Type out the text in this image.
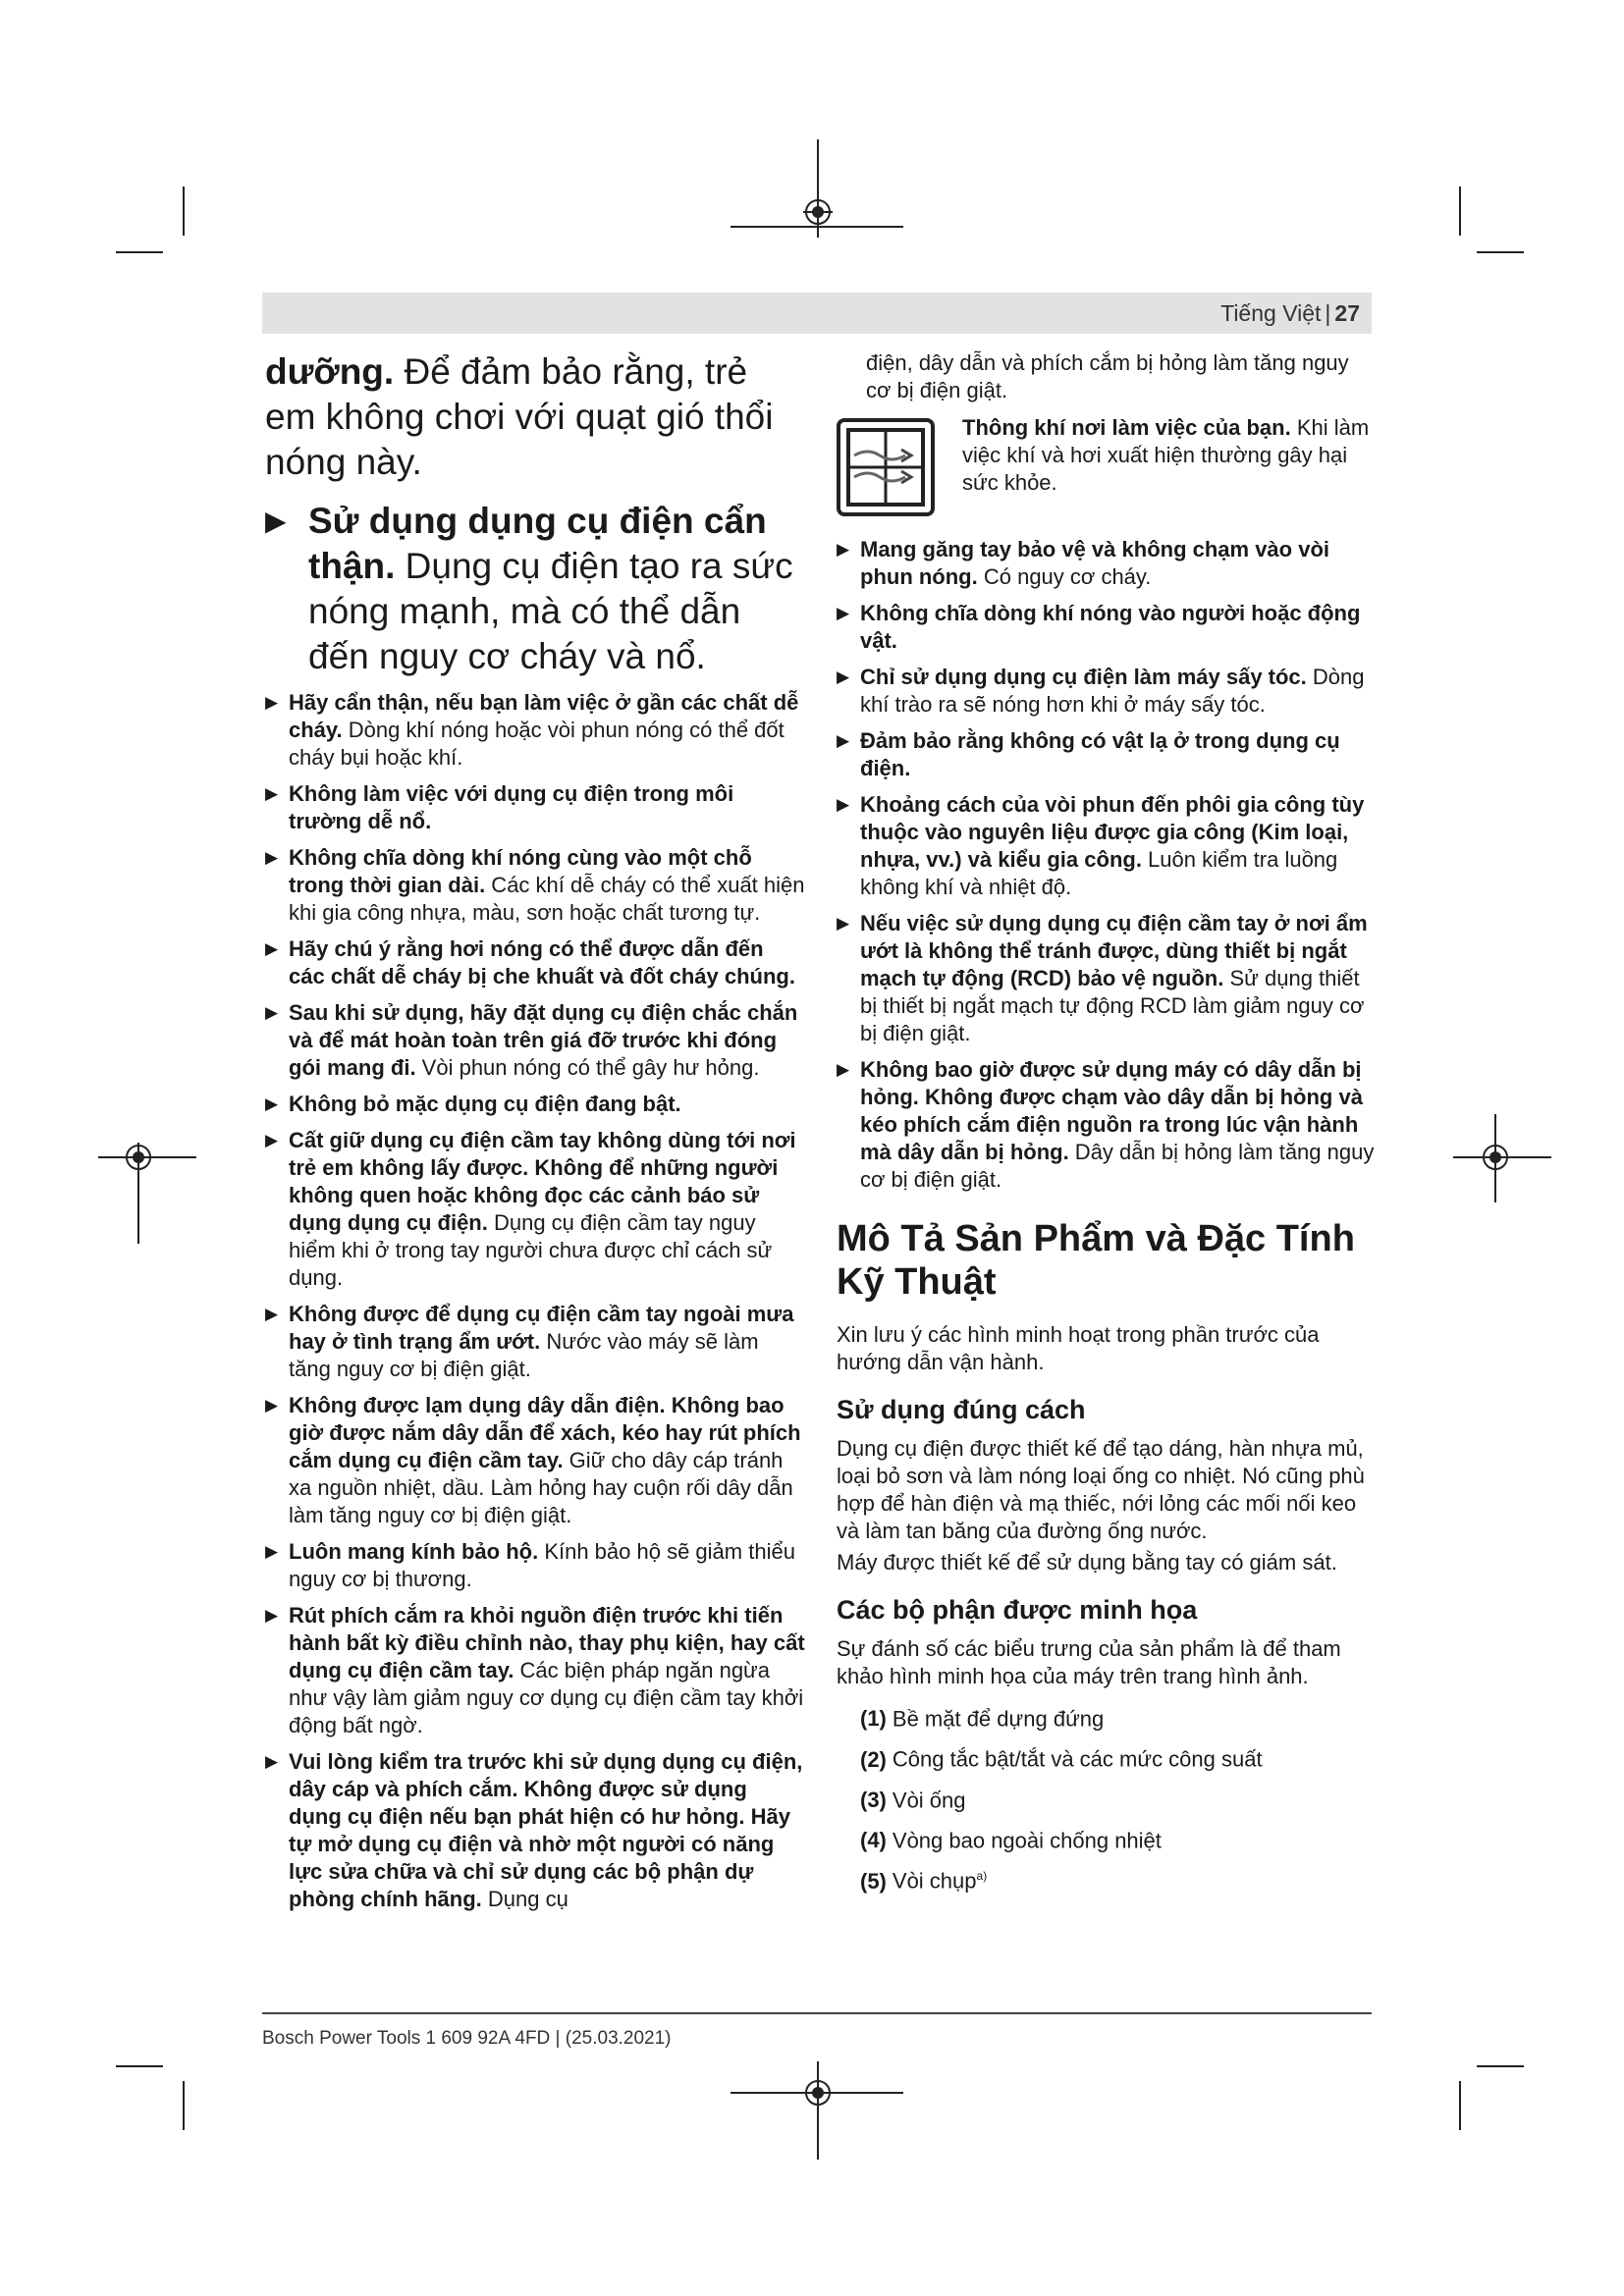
Tiếng Việt | 27
dưỡng. Để đảm bảo rằng, trẻ em không chơi với quạt gió thổi nóng này.
▶ Sử dụng dụng cụ điện cẩn thận. Dụng cụ điện tạo ra sức nóng mạnh, mà có thể dẫn đến nguy cơ cháy và nổ.
▶ Hãy cẩn thận, nếu bạn làm việc ở gần các chất dễ cháy. Dòng khí nóng hoặc vòi phun nóng có thể đốt cháy bụi hoặc khí.
▶ Không làm việc với dụng cụ điện trong môi trường dễ nổ.
▶ Không chĩa dòng khí nóng cùng vào một chỗ trong thời gian dài. Các khí dễ cháy có thể xuất hiện khi gia công nhựa, màu, sơn hoặc chất tương tự.
▶ Hãy chú ý rằng hơi nóng có thể được dẫn đến các chất dễ cháy bị che khuất và đốt cháy chúng.
▶ Sau khi sử dụng, hãy đặt dụng cụ điện chắc chắn và để mát hoàn toàn trên giá đỡ trước khi đóng gói mang đi. Vòi phun nóng có thể gây hư hỏng.
▶ Không bỏ mặc dụng cụ điện đang bật.
▶ Cất giữ dụng cụ điện cầm tay không dùng tới nơi trẻ em không lấy được. Không để những người không quen hoặc không đọc các cảnh báo sử dụng dụng cụ điện. Dụng cụ điện cầm tay nguy hiểm khi ở trong tay người chưa được chỉ cách sử dụng.
▶ Không được để dụng cụ điện cầm tay ngoài mưa hay ở tình trạng ẩm ướt. Nước vào máy sẽ làm tăng nguy cơ bị điện giật.
▶ Không được lạm dụng dây dẫn điện. Không bao giờ được nắm dây dẫn để xách, kéo hay rút phích cắm dụng cụ điện cầm tay. Giữ cho dây cáp tránh xa nguồn nhiệt, dầu. Làm hỏng hay cuộn rối dây dẫn làm tăng nguy cơ bị điện giật.
▶ Luôn mang kính bảo hộ. Kính bảo hộ sẽ giảm thiểu nguy cơ bị thương.
▶ Rút phích cắm ra khỏi nguồn điện trước khi tiến hành bất kỳ điều chỉnh nào, thay phụ kiện, hay cất dụng cụ điện cầm tay. Các biện pháp ngăn ngừa như vậy làm giảm nguy cơ dụng cụ điện cầm tay khởi động bất ngờ.
▶ Vui lòng kiểm tra trước khi sử dụng dụng cụ điện, dây cáp và phích cắm. Không được sử dụng dụng cụ điện nếu bạn phát hiện có hư hỏng. Hãy tự mở dụng cụ điện và nhờ một người có năng lực sửa chữa và chỉ sử dụng các bộ phận dự phòng chính hãng. Dụng cụ

điện, dây dẫn và phích cắm bị hỏng làm tăng nguy cơ bị điện giật.

Thông khí nơi làm việc của bạn. Khi làm việc khí và hơi xuất hiện thường gây hại sức khỏe.

▶ Mang găng tay bảo vệ và không chạm vào vòi phun nóng. Có nguy cơ cháy.
▶ Không chĩa dòng khí nóng vào người hoặc động vật.
▶ Chỉ sử dụng dụng cụ điện làm máy sấy tóc. Dòng khí trào ra sẽ nóng hơn khi ở máy sấy tóc.
▶ Đảm bảo rằng không có vật lạ ở trong dụng cụ điện.
▶ Khoảng cách của vòi phun đến phôi gia công tùy thuộc vào nguyên liệu được gia công (Kim loại, nhựa, vv.) và kiểu gia công. Luôn kiểm tra luồng không khí và nhiệt độ.
▶ Nếu việc sử dụng dụng cụ điện cầm tay ở nơi ẩm ướt là không thể tránh được, dùng thiết bị ngắt mạch tự động (RCD) bảo vệ nguồn. Sử dụng thiết bị thiết bị ngắt mạch tự động RCD làm giảm nguy cơ bị điện giật.
▶ Không bao giờ được sử dụng máy có dây dẫn bị hỏng. Không được chạm vào dây dẫn bị hỏng và kéo phích cắm điện nguồn ra trong lúc vận hành mà dây dẫn bị hỏng. Dây dẫn bị hỏng làm tăng nguy cơ bị điện giật.
Mô Tả Sản Phẩm và Đặc Tính Kỹ Thuật

Xin lưu ý các hình minh hoạt trong phần trước của hướng dẫn vận hành.

Sử dụng đúng cách

Dụng cụ điện được thiết kế để tạo dáng, hàn nhựa mủ, loại bỏ sơn và làm nóng loại ống co nhiệt. Nó cũng phù hợp để hàn điện và mạ thiếc, nới lỏng các mối nối keo và làm tan băng của đường ống nước.

Máy được thiết kế để sử dụng bằng tay có giám sát.

Các bộ phận được minh họa

Sự đánh số các biểu trưng của sản phẩm là để tham khảo hình minh họa của máy trên trang hình ảnh.

(1) Bề mặt để dựng đứng
(2) Công tắc bật/tắt và các mức công suất
(3) Vòi ống
(4) Vòng bao ngoài chống nhiệt
(5) Vòi chụp$^{a)}$
Bosch Power Tools 1 609 92A 4FD | (25.03.2021)
